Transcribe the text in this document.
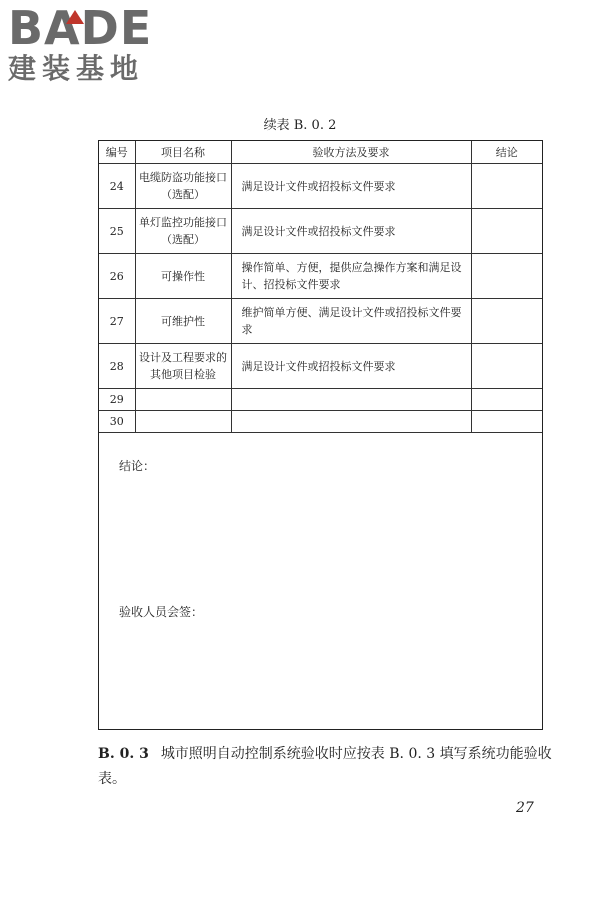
BADE
建装基地
续表 B. 0. 2
编号	项目名称	验收方法及要求	结论
24	电缆防盗功能接口（选配）	满足设计文件或招投标文件要求	
25	单灯监控功能接口（选配）	满足设计文件或招投标文件要求	
26	可操作性	操作简单、方便，提供应急操作方案和满足设计、招投标文件要求	
27	可维护性	维护简单方便、满足设计文件或招投标文件要求	
28	设计及工程要求的其他项目检验	满足设计文件或招投标文件要求	
29			
30			
结论：
验收人员会签：
B. 0. 3 城市照明自动控制系统验收时应按表 B. 0. 3 填写系统功能验收表。
27
